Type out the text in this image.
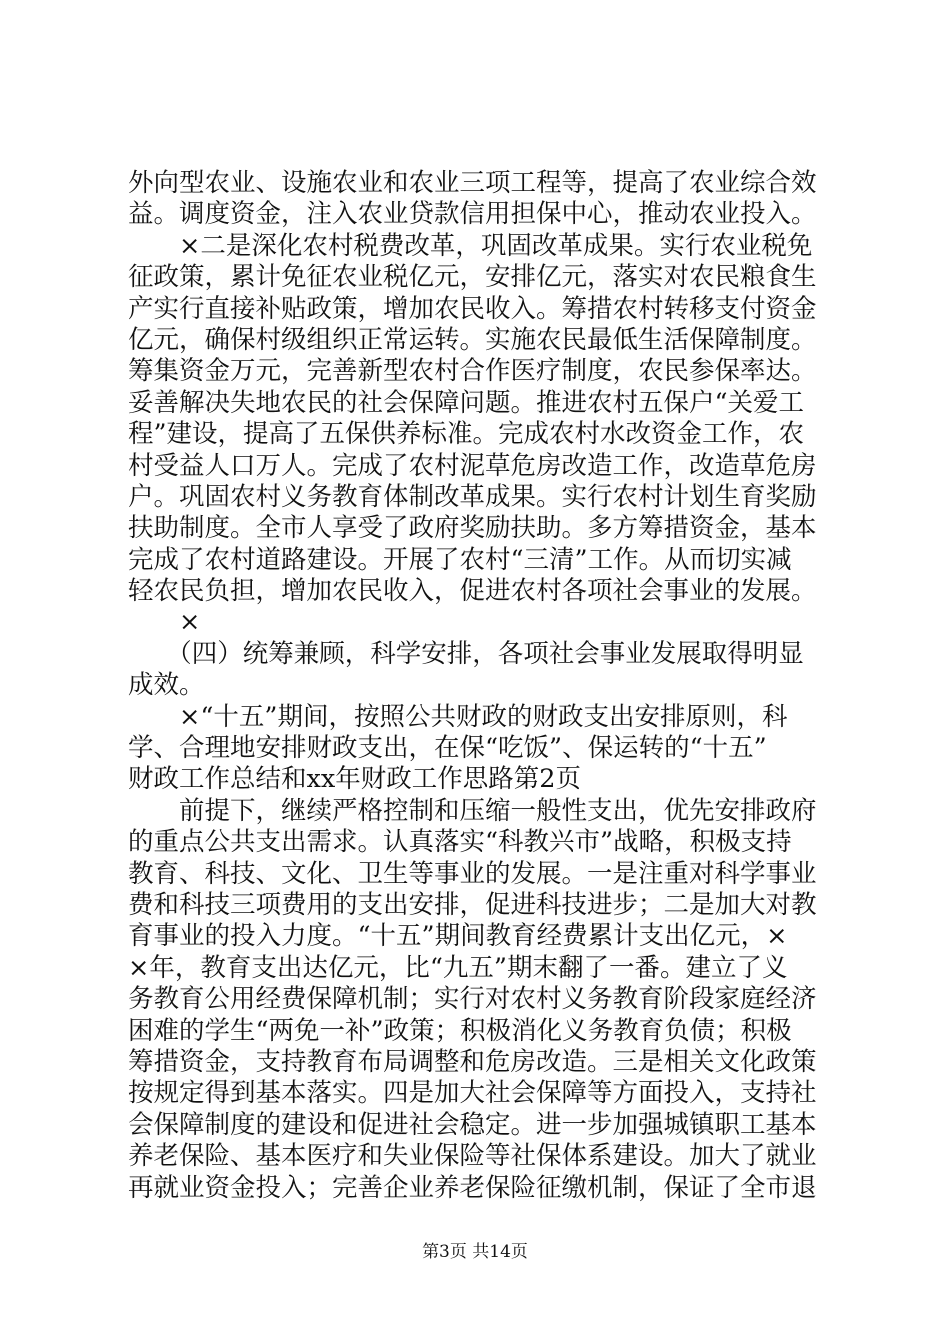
外向型农业、设施农业和农业三项工程等，提高了农业综合效
益。调度资金，注入农业贷款信用担保中心，推动农业投入。
　　×二是深化农村税费改革，巩固改革成果。实行农业税免
征政策，累计免征农业税亿元，安排亿元，落实对农民粮食生
产实行直接补贴政策，增加农民收入。筹措农村转移支付资金
亿元，确保村级组织正常运转。实施农民最低生活保障制度。
筹集资金万元，完善新型农村合作医疗制度，农民参保率达。
妥善解决失地农民的社会保障问题。推进农村五保户“关爱工
程”建设，提高了五保供养标准。完成农村水改资金工作，农
村受益人口万人。完成了农村泥草危房改造工作，改造草危房
户。巩固农村义务教育体制改革成果。实行农村计划生育奖励
扶助制度。全市人享受了政府奖励扶助。多方筹措资金，基本
完成了农村道路建设。开展了农村“三清”工作。从而切实减
轻农民负担，增加农民收入，促进农村各项社会事业的发展。
　　×
　　（四）统筹兼顾，科学安排，各项社会事业发展取得明显
成效。
　　×“十五”期间，按照公共财政的财政支出安排原则，科
学、合理地安排财政支出，在保“吃饭”、保运转的“十五”
财政工作总结和xx年财政工作思路第2页
　　前提下，继续严格控制和压缩一般性支出，优先安排政府
的重点公共支出需求。认真落实“科教兴市”战略，积极支持
教育、科技、文化、卫生等事业的发展。一是注重对科学事业
费和科技三项费用的支出安排，促进科技进步；二是加大对教
育事业的投入力度。“十五”期间教育经费累计支出亿元，×
×年，教育支出达亿元，比“九五”期末翻了一番。建立了义
务教育公用经费保障机制；实行对农村义务教育阶段家庭经济
困难的学生“两免一补”政策；积极消化义务教育负债；积极
筹措资金，支持教育布局调整和危房改造。三是相关文化政策
按规定得到基本落实。四是加大社会保障等方面投入，支持社
会保障制度的建设和促进社会稳定。进一步加强城镇职工基本
养老保险、基本医疗和失业保险等社保体系建设。加大了就业
再就业资金投入；完善企业养老保险征缴机制，保证了全市退
第3页 共14页
